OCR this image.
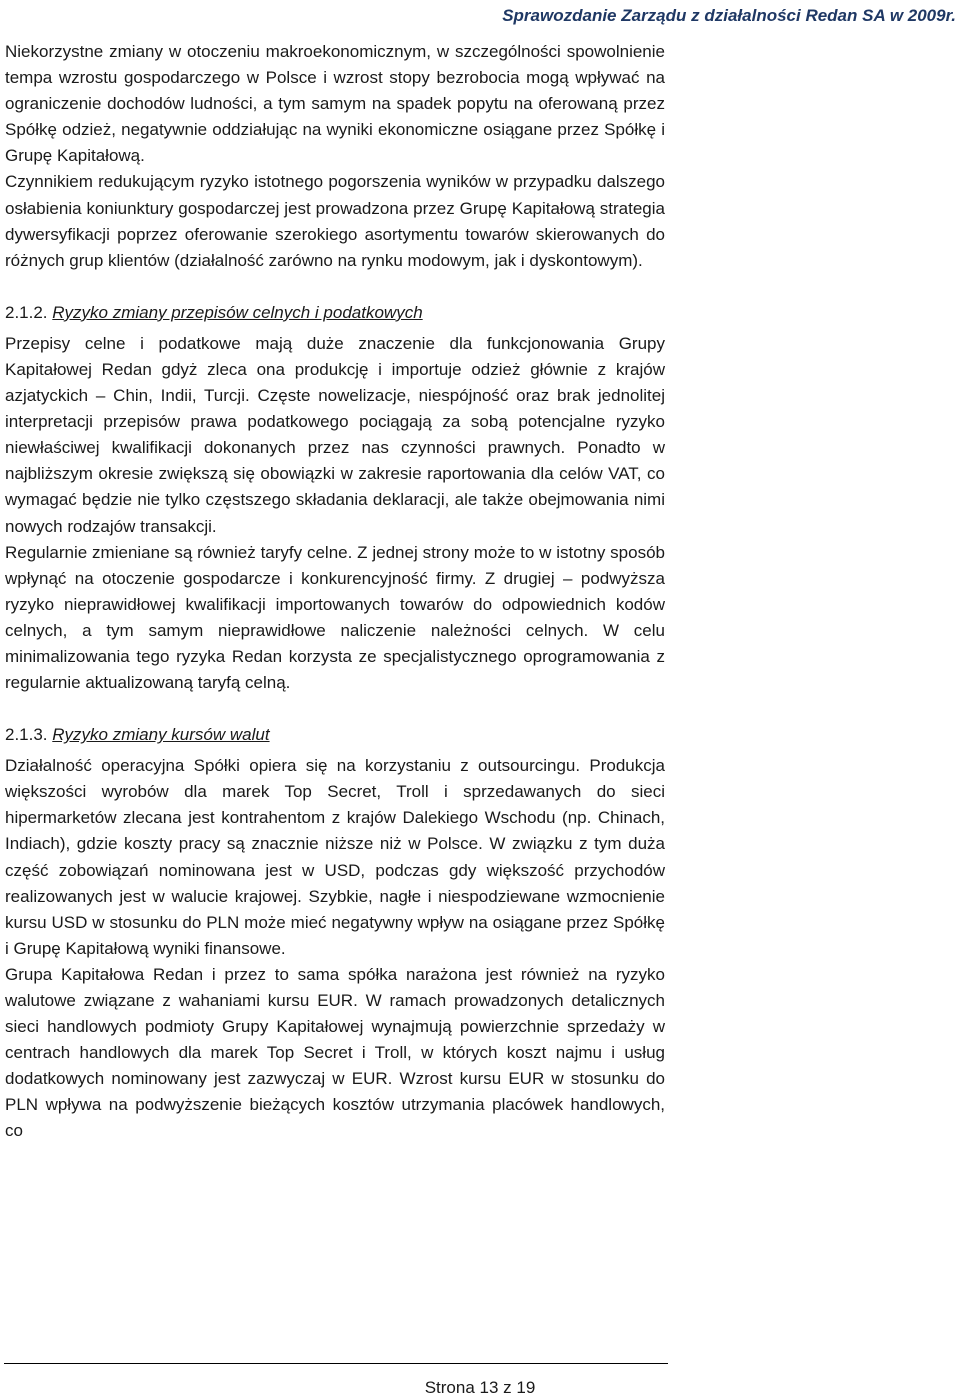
Sprawozdanie Zarządu z działalności Redan SA w 2009r.

Niekorzystne zmiany w otoczeniu makroekonomicznym, w szczególności spowolnienie tempa wzrostu gospodarczego w Polsce i wzrost stopy bezrobocia mogą wpływać na ograniczenie dochodów ludności, a tym samym na spadek popytu na oferowaną przez Spółkę odzież, negatywnie oddziałując na wyniki ekonomiczne osiągane przez Spółkę i Grupę Kapitałową.

Czynnikiem redukującym ryzyko istotnego pogorszenia wyników w przypadku dalszego osłabienia koniunktury gospodarczej jest prowadzona przez Grupę Kapitałową strategia dywersyfikacji poprzez oferowanie szerokiego asortymentu towarów skierowanych do różnych grup klientów (działalność zarówno na rynku modowym, jak i dyskontowym).

2.1.2. Ryzyko zmiany przepisów celnych i podatkowych

Przepisy celne i podatkowe mają duże znaczenie dla funkcjonowania Grupy Kapitałowej Redan gdyż zleca ona produkcję i importuje odzież głównie z krajów azjatyckich – Chin, Indii, Turcji. Częste nowelizacje, niespójność oraz brak jednolitej interpretacji przepisów prawa podatkowego pociągają za sobą potencjalne ryzyko niewłaściwej kwalifikacji dokonanych przez nas czynności prawnych. Ponadto w najbliższym okresie zwiększą się obowiązki w zakresie raportowania dla celów VAT, co wymagać będzie nie tylko częstszego składania deklaracji, ale także obejmowania nimi nowych rodzajów transakcji.

Regularnie zmieniane są również taryfy celne. Z jednej strony może to w istotny sposób wpłynąć na otoczenie gospodarcze i konkurencyjność firmy. Z drugiej – podwyższa ryzyko nieprawidłowej kwalifikacji importowanych towarów do odpowiednich kodów celnych, a tym samym nieprawidłowe naliczenie należności celnych. W celu minimalizowania tego ryzyka Redan korzysta ze specjalistycznego oprogramowania z regularnie aktualizowaną taryfą celną.

2.1.3. Ryzyko zmiany kursów walut

Działalność operacyjna Spółki opiera się na korzystaniu z outsourcingu. Produkcja większości wyrobów dla marek Top Secret, Troll i sprzedawanych do sieci hipermarketów zlecana jest kontrahentom z krajów Dalekiego Wschodu (np. Chinach, Indiach), gdzie koszty pracy są znacznie niższe niż w Polsce. W związku z tym duża część zobowiązań nominowana jest w USD, podczas gdy większość przychodów realizowanych jest w walucie krajowej. Szybkie, nagłe i niespodziewane wzmocnienie kursu USD w stosunku do PLN może mieć negatywny wpływ na osiągane przez Spółkę i Grupę Kapitałową wyniki finansowe.

Grupa Kapitałowa Redan i przez to sama spółka narażona jest również na ryzyko walutowe związane z wahaniami kursu EUR. W ramach prowadzonych detalicznych sieci handlowych podmioty Grupy Kapitałowej wynajmują powierzchnie sprzedaży w centrach handlowych dla marek Top Secret i Troll, w których koszt najmu i usług dodatkowych nominowany jest zazwyczaj w EUR. Wzrost kursu EUR w stosunku do PLN wpływa na podwyższenie bieżących kosztów utrzymania placówek handlowych, co

Strona 13 z 19
